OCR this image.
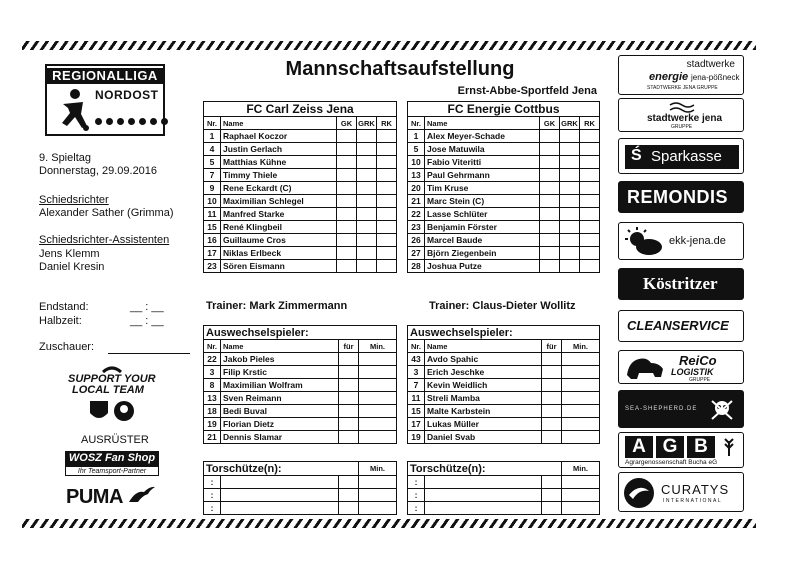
REGIONALLIGA
NORDOST
9. Spieltag
Donnerstag, 29.09.2016
Schiedsrichter
Alexander Sather (Grimma)
Schiedsrichter-Assistenten
Jens Klemm
Daniel Kresin
Endstand:	__ : __
Halbzeit:	__ : __
Zuschauer:
SUPPORT YOUR
LOCAL TEAM
AUSRÜSTER
WOSZ Fan Shop
Ihr Teamsport-Partner
PUMA
Mannschaftsaufstellung
Ernst-Abbe-Sportfeld Jena
FC Carl Zeiss Jena				
Nr.	Name	GK	GRK	RK
1	Raphael Koczor			
4	Justin Gerlach			
5	Matthias Kühne			
7	Timmy Thiele			
9	Rene Eckardt (C)			
10	Maximilian Schlegel			
11	Manfred Starke			
15	René Klingbeil			
16	Guillaume Cros			
17	Niklas Erlbeck			
23	Sören Eismann			
FC Energie Cottbus				
Nr.	Name	GK	GRK	RK
1	Alex Meyer-Schade			
5	Jose Matuwila			
10	Fabio Viteritti			
13	Paul Gehrmann			
20	Tim Kruse			
21	Marc Stein (C)			
22	Lasse Schlüter			
23	Benjamin Förster			
26	Marcel Baude			
27	Björn Ziegenbein			
28	Joshua Putze			
Trainer: Mark Zimmermann	Trainer: Claus-Dieter Wollitz
Auswechselspieler:			
Nr.	Name	für	Min.
22	Jakob Pieles		
3	Filip Krstic		
8	Maximilian Wolfram		
13	Sven Reimann		
18	Bedi Buval		
19	Florian Dietz		
21	Dennis Slamar		
Auswechselspieler:			
Nr.	Name	für	Min.
43	Avdo Spahic		
3	Erich Jeschke		
7	Kevin Weidlich		
11	Streli Mamba		
15	Malte Karbstein		
17	Lukas Müller		
19	Daniel Svab		
Torschütze(n):			Min.
:			
:			
:			
Torschütze(n):			Min.
:			
:			
:			
stadtwerke
energie jena-pößneck
STADTWERKE JENA GRUPPE
stadtwerke jena
GRUPPE
Ś Sparkasse
REMONDIS
ekk-jena.de
Köstritzer
CLEANSERVICE
ReiCo
LOGISTIK
GRUPPE
SEA-SHEPHERD.DE
A G B
Agrargenossenschaft Bucha eG
CURATYS
INTERNATIONAL
